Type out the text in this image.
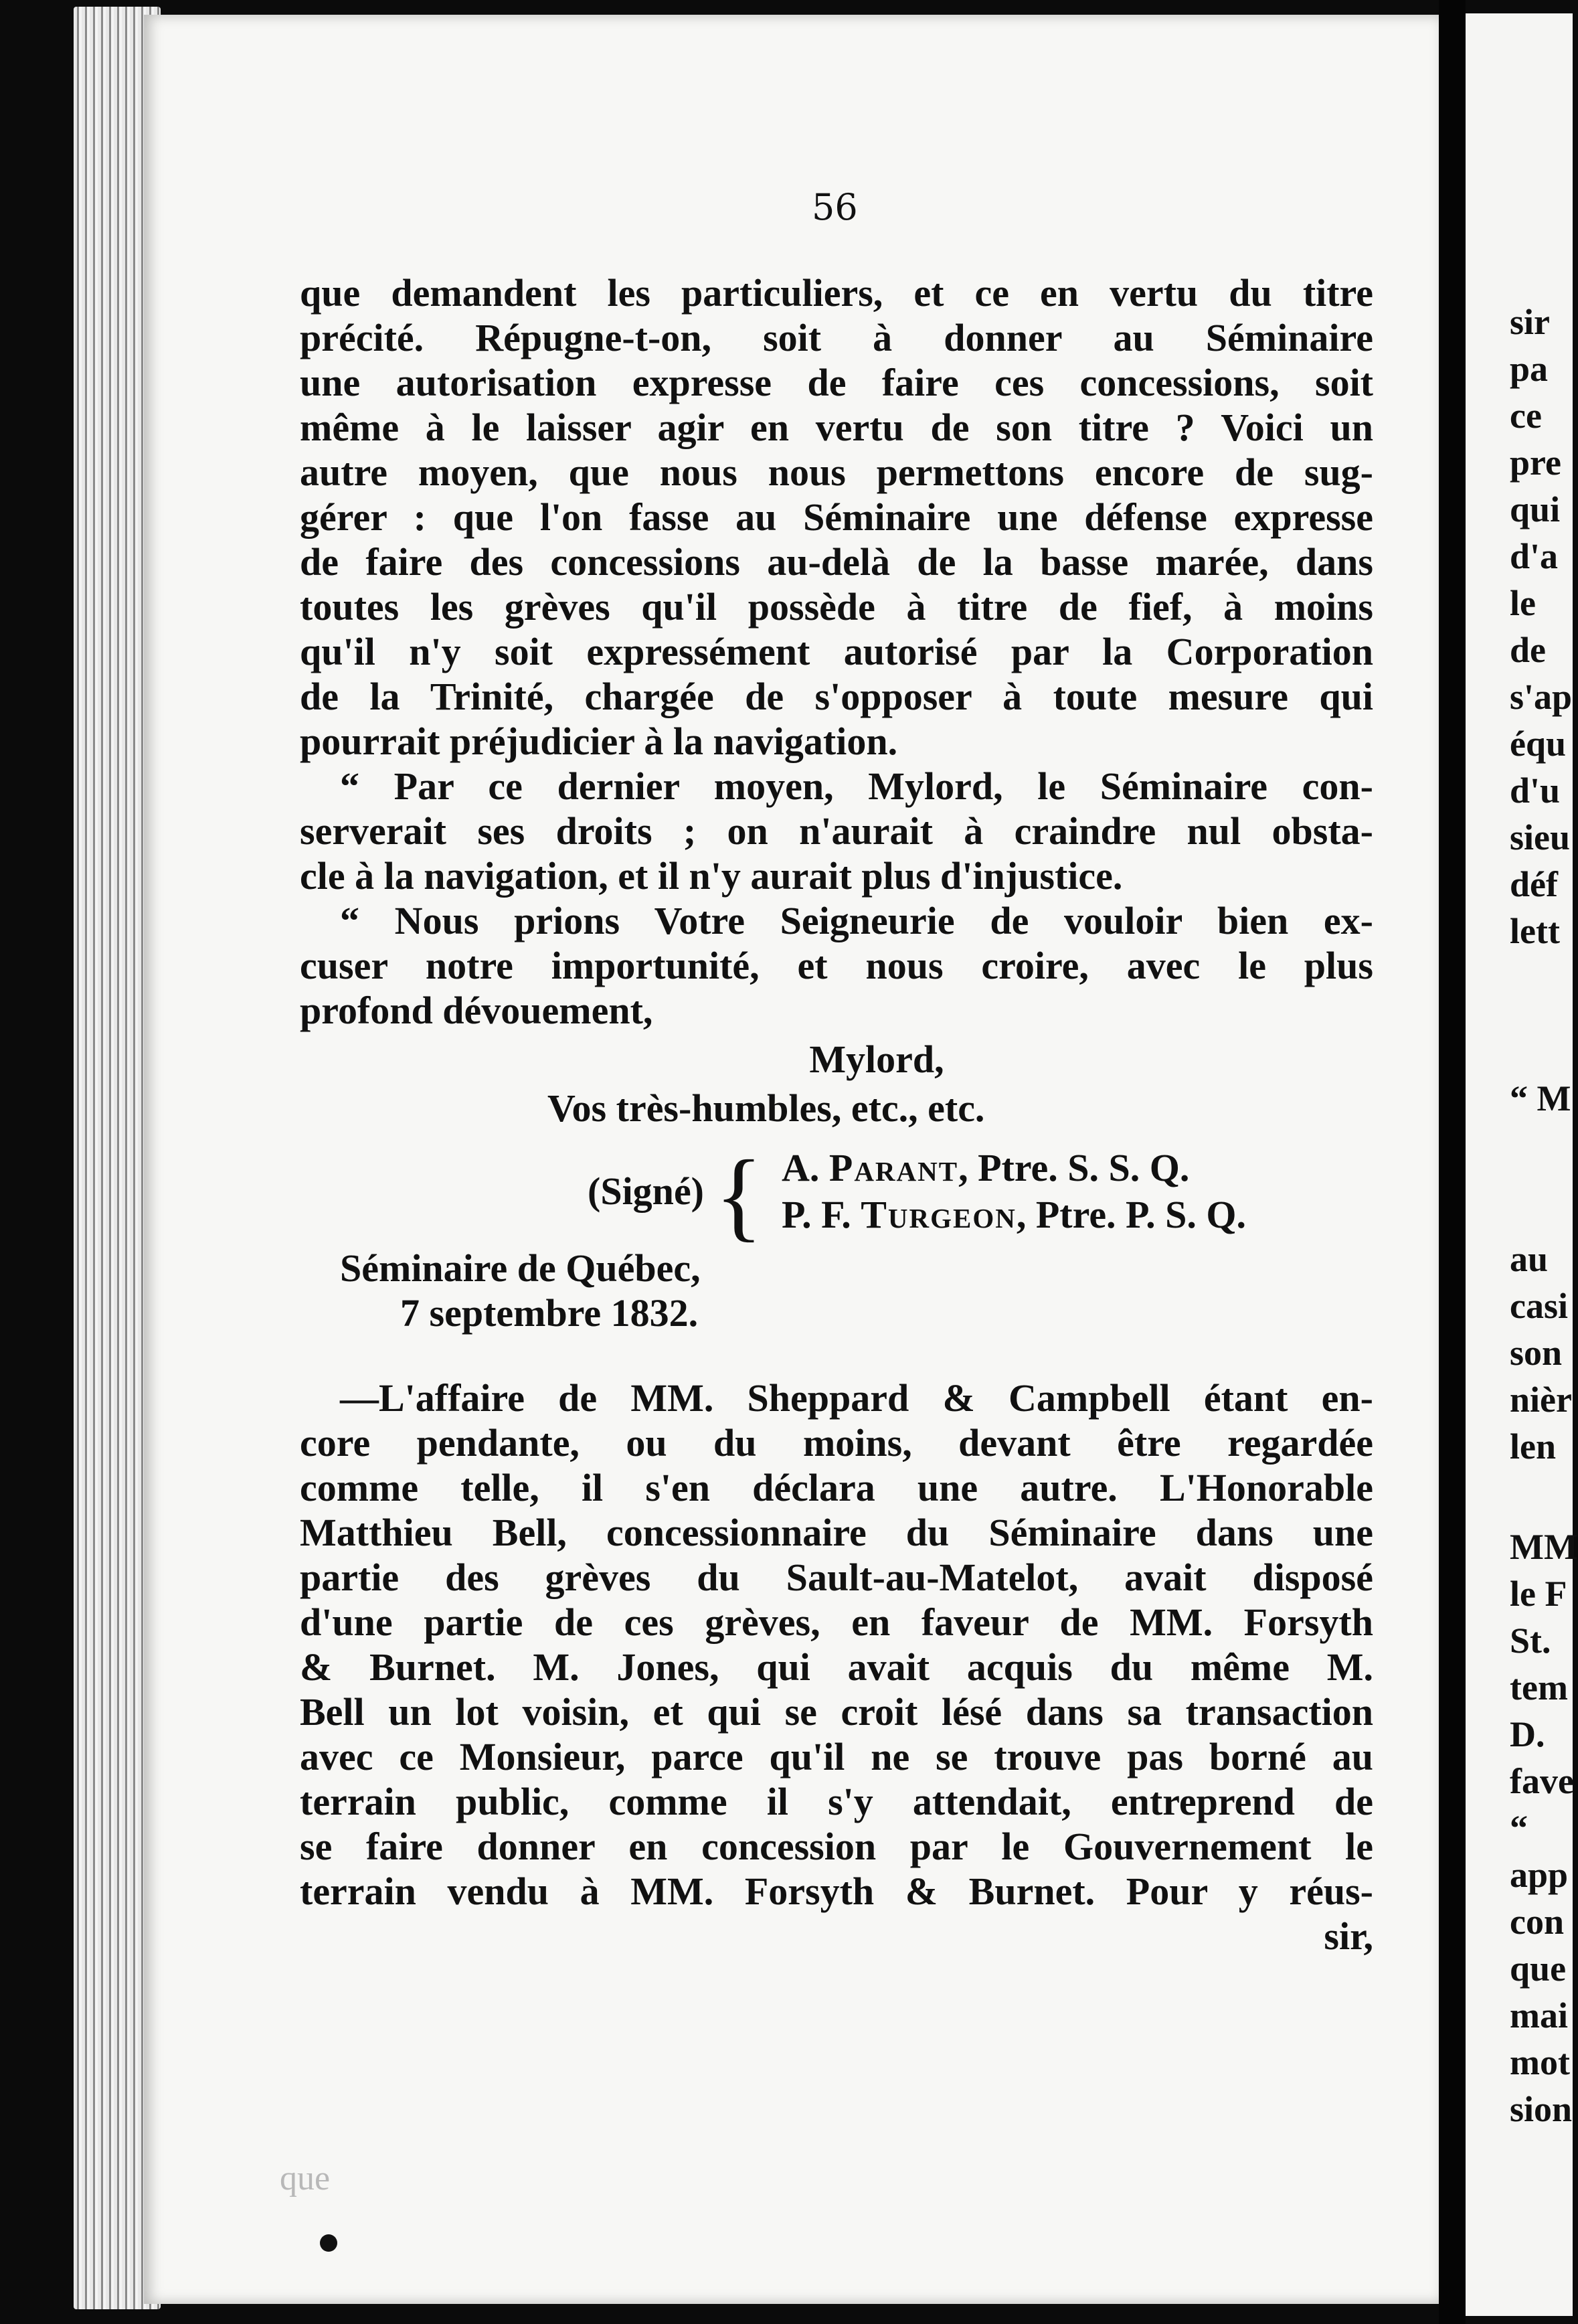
56
que demandent les particuliers, et ce en vertu du titre
précité. Répugne-t-on, soit à donner au Séminaire
une autorisation expresse de faire ces concessions, soit
même à le laisser agir en vertu de son titre ? Voici un
autre moyen, que nous nous permettons encore de sug-
gérer : que l'on fasse au Séminaire une défense expresse
de faire des concessions au-delà de la basse marée, dans
toutes les grèves qu'il possède à titre de fief, à moins
qu'il n'y soit expressément autorisé par la Corporation
de la Trinité, chargée de s'opposer à toute mesure qui
pourrait préjudicier à la navigation.
“ Par ce dernier moyen, Mylord, le Séminaire con-
serverait ses droits ; on n'aurait à craindre nul obsta-
cle à la navigation, et il n'y aurait plus d'injustice.
“ Nous prions Votre Seigneurie de vouloir bien ex-
cuser notre importunité, et nous croire, avec le plus
profond dévouement,
Mylord,
Vos très-humbles, etc., etc.
(Signé) { A. Parant, Ptre. S. S. Q.
P. F. Turgeon, Ptre. P. S. Q.
Séminaire de Québec,
7 septembre 1832.
—L'affaire de MM. Sheppard & Campbell étant en-
core pendante, ou du moins, devant être regardée
comme telle, il s'en déclara une autre. L'Honorable
Matthieu Bell, concessionnaire du Séminaire dans une
partie des grèves du Sault-au-Matelot, avait disposé
d'une partie de ces grèves, en faveur de MM. Forsyth
& Burnet. M. Jones, qui avait acquis du même M.
Bell un lot voisin, et qui se croit lésé dans sa transaction
avec ce Monsieur, parce qu'il ne se trouve pas borné au
terrain public, comme il s'y attendait, entreprend de
se faire donner en concession par le Gouvernement le
terrain vendu à MM. Forsyth & Burnet. Pour y réus-
sir,
que
sir
pa
ce
pre
qui
d'a
le
de
s'ap
équ
d'u
sieu
déf
lett
“ M
au
casi
son
nièr
len
MM
le F
St.
tem
D.
fave
“
app
con
que
mai
mot
sion
